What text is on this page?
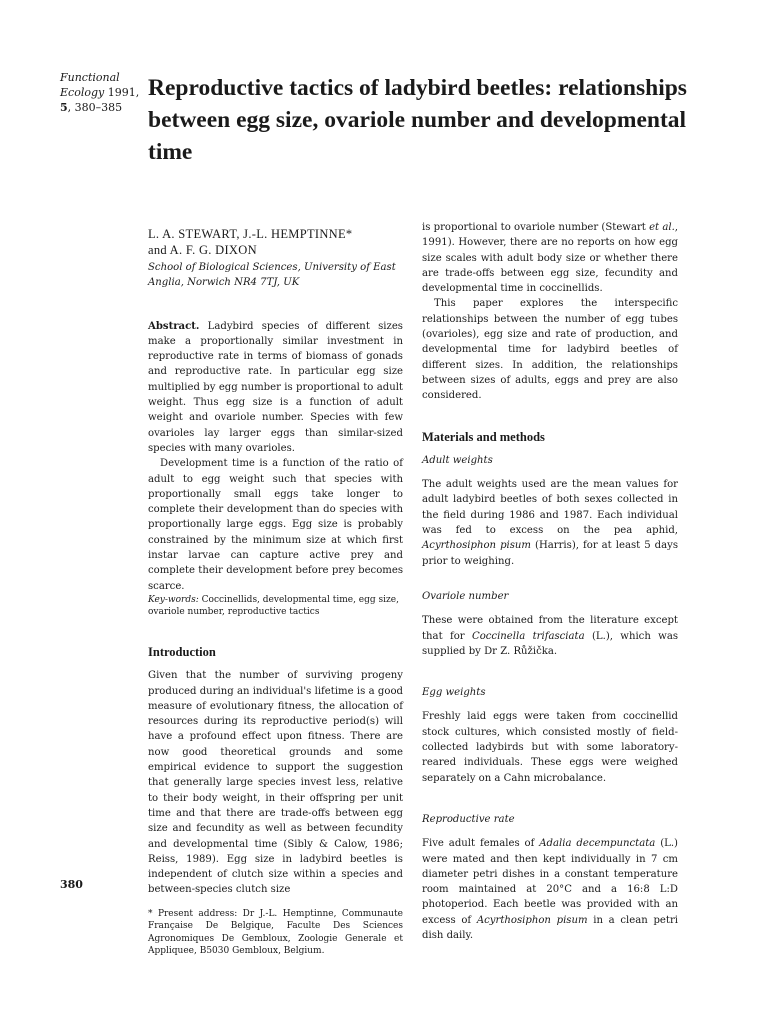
Functional
Ecology 1991,
5, 380–385
Reproductive tactics of ladybird beetles: relationships between egg size, ovariole number and developmental time
L. A. STEWART, J.-L. HEMPTINNE*
and A. F. G. DIXON
School of Biological Sciences, University of East Anglia, Norwich NR4 7TJ, UK

Abstract. Ladybird species of different sizes make a proportionally similar investment in reproductive rate in terms of biomass of gonads and reproductive rate. In particular egg size multiplied by egg number is proportional to adult weight. Thus egg size is a function of adult weight and ovariole number. Species with few ovarioles lay larger eggs than similar-sized species with many ovarioles.

Development time is a function of the ratio of adult to egg weight such that species with proportionally small eggs take longer to complete their development than do species with proportionally large eggs. Egg size is probably constrained by the minimum size at which first instar larvae can capture active prey and complete their development before prey becomes scarce.

Key-words: Coccinellids, developmental time, egg size, ovariole number, reproductive tactics

Introduction

Given that the number of surviving progeny produced during an individual's lifetime is a good measure of evolutionary fitness, the allocation of resources during its reproductive period(s) will have a profound effect upon fitness. There are now good theoretical grounds and some empirical evidence to support the suggestion that generally large species invest less, relative to their body weight, in their offspring per unit time and that there are trade-offs between egg size and fecundity as well as between fecundity and developmental time (Sibly & Calow, 1986; Reiss, 1989). Egg size in ladybird beetles is independent of clutch size within a species and between-species clutch size

* Present address: Dr J.-L. Hemptinne, Communaute Française De Belgique, Faculte Des Sciences Agronomiques De Gembloux, Zoologie Generale et Appliquee, B5030 Gembloux, Belgium.

is proportional to ovariole number (Stewart et al., 1991). However, there are no reports on how egg size scales with adult body size or whether there are trade-offs between egg size, fecundity and developmental time in coccinellids.

This paper explores the interspecific relationships between the number of egg tubes (ovarioles), egg size and rate of production, and developmental time for ladybird beetles of different sizes. In addition, the relationships between sizes of adults, eggs and prey are also considered.

Materials and methods
Adult weights

The adult weights used are the mean values for adult ladybird beetles of both sexes collected in the field during 1986 and 1987. Each individual was fed to excess on the pea aphid, Acyrthosiphon pisum (Harris), for at least 5 days prior to weighing.

Ovariole number

These were obtained from the literature except that for Coccinella trifasciata (L.), which was supplied by Dr Z. Růžička.

Egg weights

Freshly laid eggs were taken from coccinellid stock cultures, which consisted mostly of field-collected ladybirds but with some laboratory-reared individuals. These eggs were weighed separately on a Cahn microbalance.

Reproductive rate

Five adult females of Adalia decempunctata (L.) were mated and then kept individually in 7 cm diameter petri dishes in a constant temperature room maintained at 20°C and a 16:8 L:D photoperiod. Each beetle was provided with an excess of Acyrthosiphon pisum in a clean petri dish daily.

380
